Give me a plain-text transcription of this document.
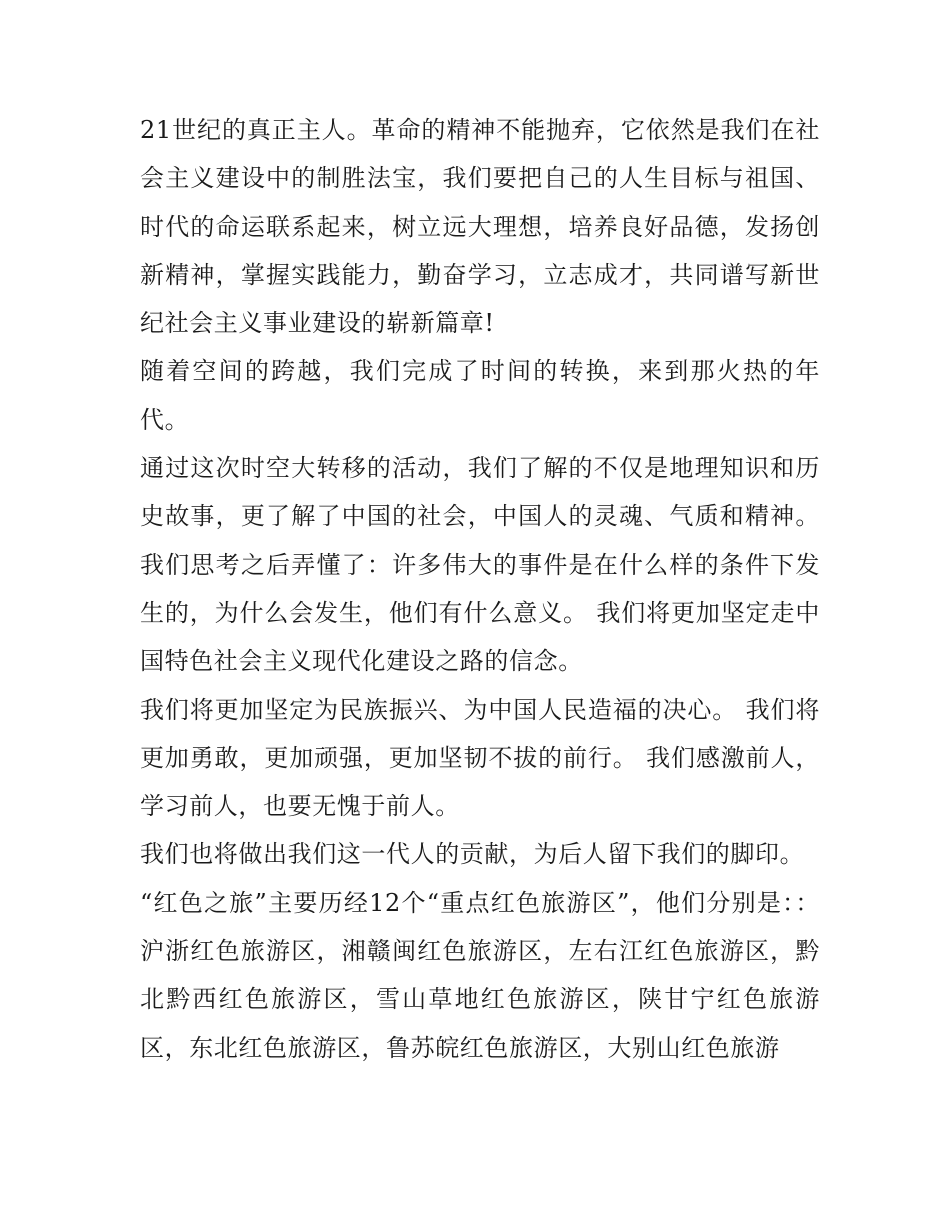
21世纪的真正主人。革命的精神不能抛弃，它依然是我们在社会主义建设中的制胜法宝，我们要把自己的人生目标与祖国、时代的命运联系起来，树立远大理想，培养良好品德，发扬创新精神，掌握实践能力，勤奋学习，立志成才，共同谱写新世纪社会主义事业建设的崭新篇章!

随着空间的跨越，我们完成了时间的转换，来到那火热的年代。

通过这次时空大转移的活动，我们了解的不仅是地理知识和历史故事，更了解了中国的社会，中国人的灵魂、气质和精神。我们思考之后弄懂了：许多伟大的事件是在什么样的条件下发生的，为什么会发生，他们有什么意义。 我们将更加坚定走中国特色社会主义现代化建设之路的信念。

我们将更加坚定为民族振兴、为中国人民造福的决心。 我们将更加勇敢，更加顽强，更加坚韧不拔的前行。 我们感激前人，学习前人，也要无愧于前人。

我们也将做出我们这一代人的贡献，为后人留下我们的脚印。

“红色之旅”主要历经12个“重点红色旅游区”，他们分别是：：沪浙红色旅游区，湘赣闽红色旅游区，左右江红色旅游区，黔北黔西红色旅游区，雪山草地红色旅游区，陕甘宁红色旅游区，东北红色旅游区，鲁苏皖红色旅游区，大别山红色旅游
